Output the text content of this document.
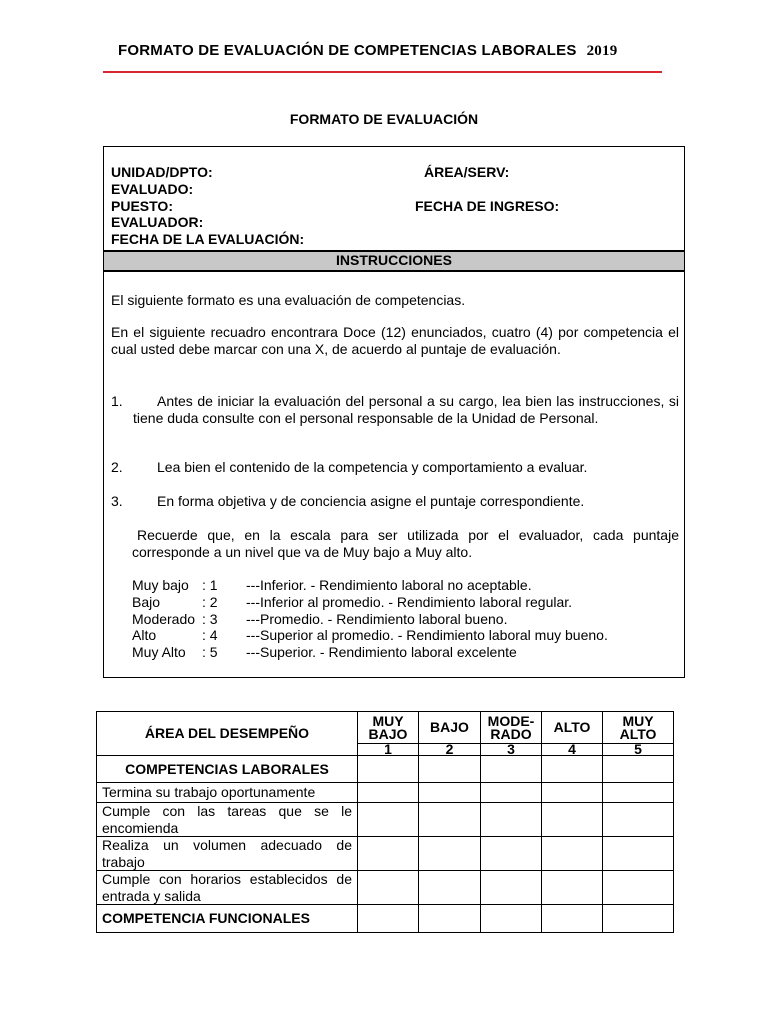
FORMATO DE EVALUACIÓN DE COMPETENCIAS LABORALES 2019
FORMATO DE EVALUACIÓN
UNIDAD/DPTO:	ÁREA/SERV:
EVALUADO:
PUESTO:	FECHA DE INGRESO:
EVALUADOR:
FECHA DE LA EVALUACIÓN:
INSTRUCCIONES
El siguiente formato es una evaluación de competencias.
En el siguiente recuadro encontrara Doce (12) enunciados, cuatro (4) por competencia el cual usted debe marcar con una X, de acuerdo al puntaje de evaluación.
1.	Antes de iniciar la evaluación del personal a su cargo, lea bien las instrucciones, si tiene duda consulte con el personal responsable de la Unidad de Personal.
2.	Lea bien el contenido de la competencia y comportamiento a evaluar.
3.	En forma objetiva y de conciencia asigne el puntaje correspondiente.
Recuerde que, en la escala para ser utilizada por el evaluador, cada puntaje corresponde a un nivel que va de Muy bajo a Muy alto.
Muy bajo : 1 ---Inferior. - Rendimiento laboral no aceptable.
Bajo	: 2 ---Inferior al promedio. - Rendimiento laboral regular.
Moderado : 3 ---Promedio. - Rendimiento laboral bueno.
Alto	: 4 ---Superior al promedio. - Rendimiento laboral muy bueno.
Muy Alto : 5 ---Superior. - Rendimiento laboral excelente
ÁREA DEL DESEMPEÑO	MUY BAJO	BAJO	MODE-RADO	ALTO	MUY ALTO
	1	2	3	4	5
COMPETENCIAS LABORALES					
Termina su trabajo oportunamente					
Cumple con las tareas que se le encomienda					
Realiza un volumen adecuado de trabajo					
Cumple con horarios establecidos de entrada y salida					
COMPETENCIA FUNCIONALES					
